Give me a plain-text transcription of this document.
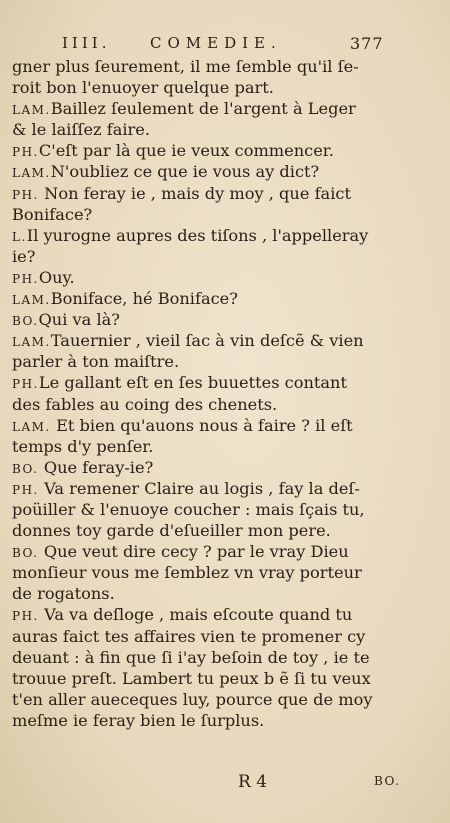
IIII.	COMEDIE.	377
gner plus ſeurement, il me ſemble qu'il ſe-
roit bon l'enuoyer quelque part.
LAM.Baillez ſeulement de l'argent à Leger
& le laiſſez faire.
PH.C'eſt par là que ie veux commencer.
LAM.N'oubliez ce que ie vous ay dict?
PH. Non feray ie , mais dy moy , que faict
Boniface?
L.Il yurogne aupres des tiſons , l'appelleray
ie?
PH.Ouy.
LAM.Boniface, hé Boniface?
BO.Qui va là?
LAM.Tauernier , vieil ſac à vin deſcẽ & vien
parler à ton maiſtre.
PH.Le gallant eſt en ſes buuettes contant
des fables au coing des chenets.
LAM. Et bien qu'auons nous à faire ? il eſt
temps d'y penſer.
BO. Que feray-ie?
PH. Va remener Claire au logis , fay la deſ-
poüiller & l'enuoye coucher : mais ſçais tu,
donnes toy garde d'eſueiller mon pere.
BO. Que veut dire cecy ? par le vray Dieu
monſieur vous me ſemblez vn vray porteur
de rogatons.
PH. Va va deſloge , mais eſcoute quand tu
auras faict tes affaires vien te promener cy
deuant : à fin que ſi i'ay beſoin de toy , ie te
trouue preſt. Lambert tu peux b ẽ ſi tu veux
t'en aller aueceques luy, pource que de moy
meſme ie feray bien le ſurplus.
R 4	BO.
